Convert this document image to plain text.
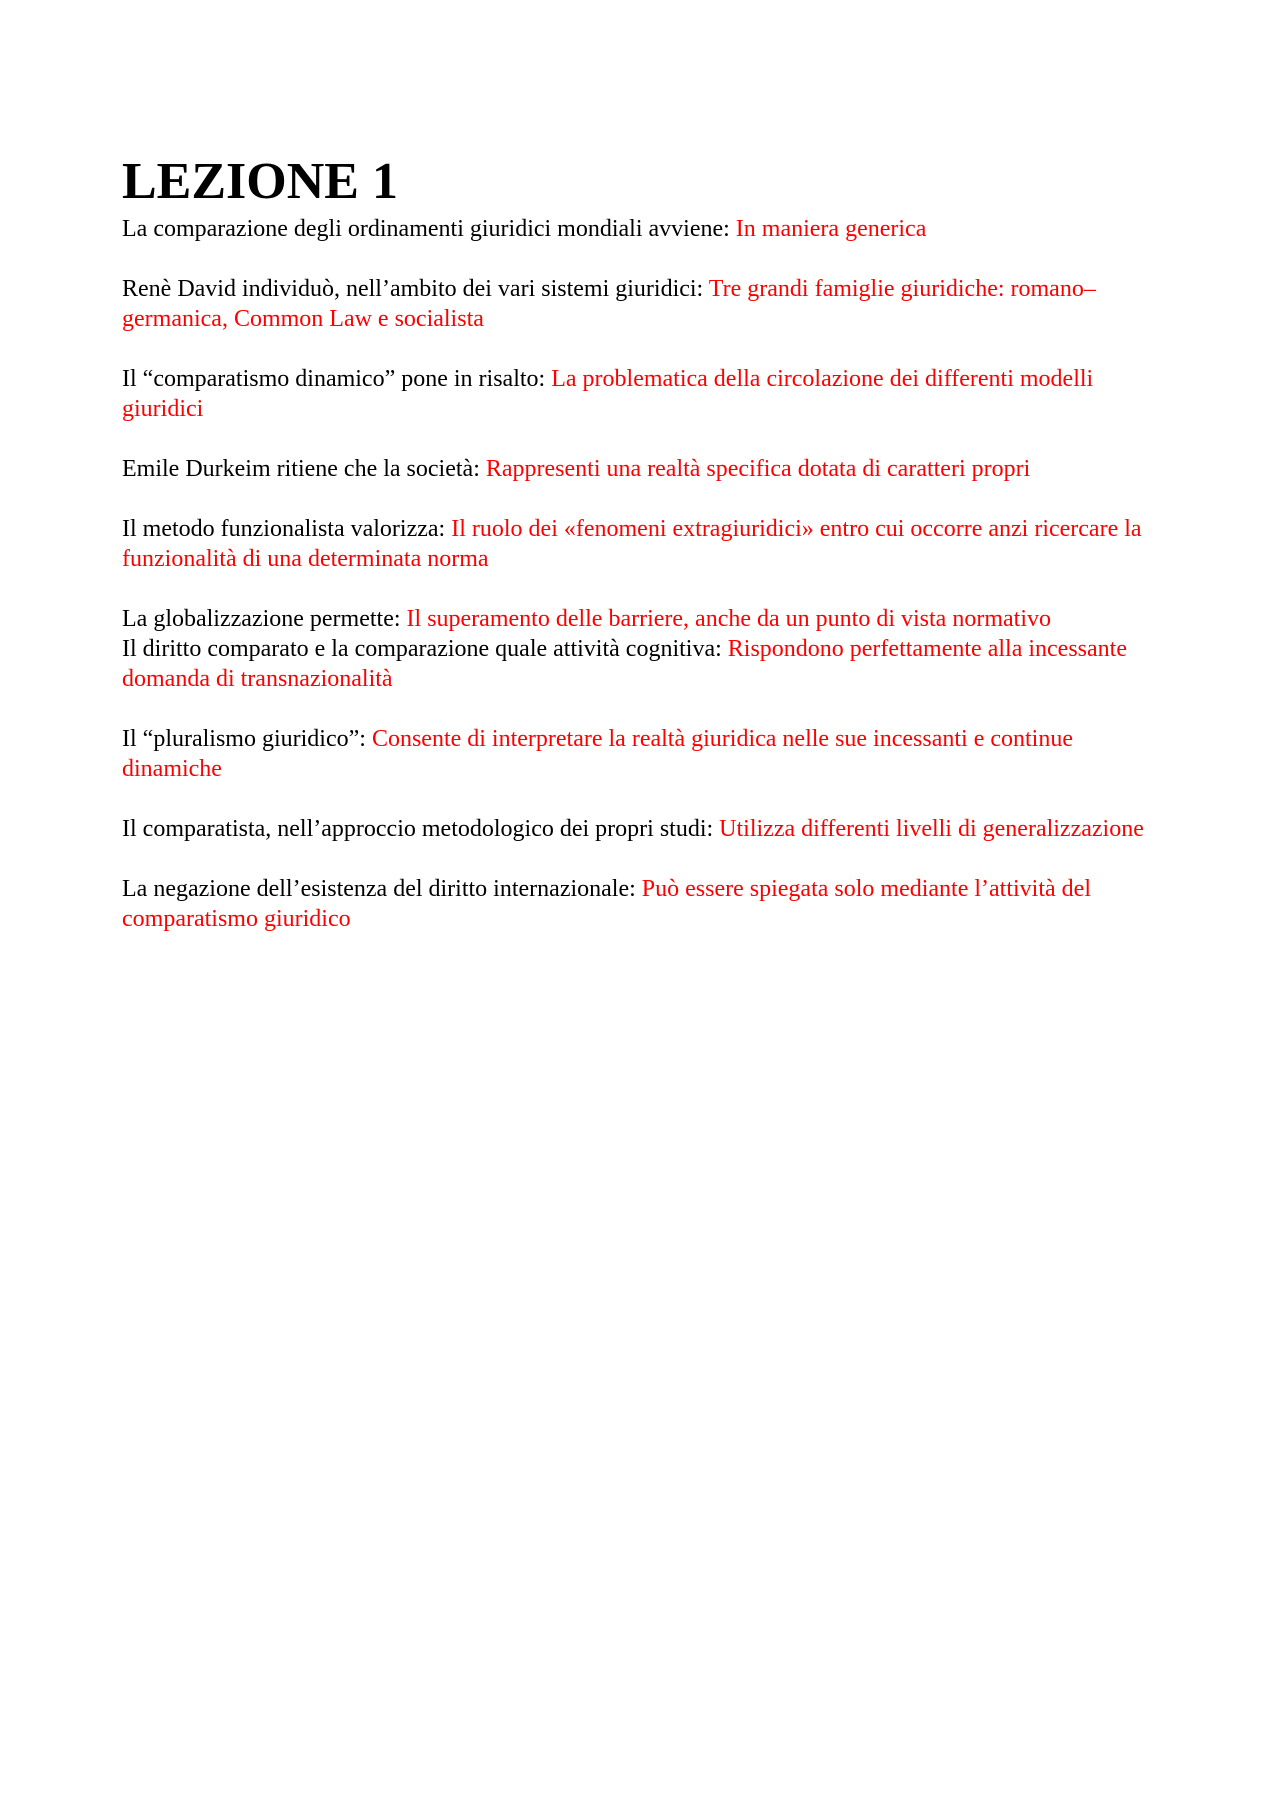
LEZIONE 1

La comparazione degli ordinamenti giuridici mondiali avviene: In maniera generica

Renè David individuò, nell’ambito dei vari sistemi giuridici: Tre grandi famiglie giuridiche: romano–germanica, Common Law e socialista

Il “comparatismo dinamico” pone in risalto: La problematica della circolazione dei differenti modelli giuridici

Emile Durkeim ritiene che la società: Rappresenti una realtà specifica dotata di caratteri propri

Il metodo funzionalista valorizza: Il ruolo dei «fenomeni extragiuridici» entro cui occorre anzi ricercare la funzionalità di una determinata norma

La globalizzazione permette: Il superamento delle barriere, anche da un punto di vista normativo

Il diritto comparato e la comparazione quale attività cognitiva: Rispondono perfettamente alla incessante domanda di transnazionalità

Il “pluralismo giuridico”: Consente di interpretare la realtà giuridica nelle sue incessanti e continue dinamiche

Il comparatista, nell’approccio metodologico dei propri studi: Utilizza differenti livelli di generalizzazione

La negazione dell’esistenza del diritto internazionale: Può essere spiegata solo mediante l’attività del comparatismo giuridico
